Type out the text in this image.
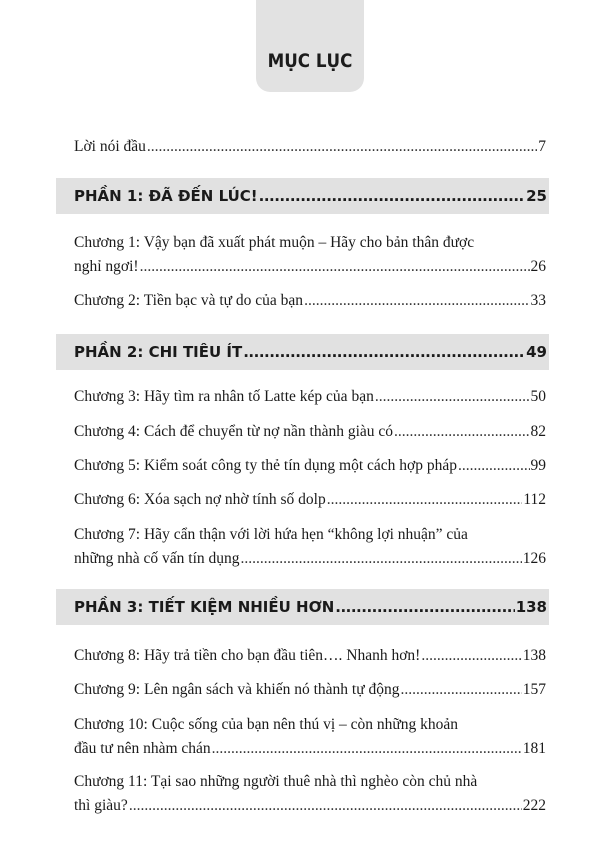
MỤC LỤC
Lời nói đầu .....	7
PHẦN 1: ĐÃ ĐẾN LÚC! .....	25
Chương 1: Vậy bạn đã xuất phát muộn – Hãy cho bản thân được
nghỉ ngơi! .....	26
Chương 2: Tiền bạc và tự do của bạn .....	33
PHẦN 2: CHI TIÊU ÍT .....	49
Chương 3: Hãy tìm ra nhân tố Latte kép của bạn .....	50
Chương 4: Cách để chuyển từ nợ nần thành giàu có .....	82
Chương 5: Kiểm soát công ty thẻ tín dụng một cách hợp pháp .....	99
Chương 6: Xóa sạch nợ nhờ tính số dolp .....	112
Chương 7: Hãy cẩn thận với lời hứa hẹn “không lợi nhuận” của
những nhà cố vấn tín dụng .....	126
PHẦN 3: TIẾT KIỆM NHIỀU HƠN .....	138
Chương 8: Hãy trả tiền cho bạn đầu tiên…. Nhanh hơn! .....	138
Chương 9: Lên ngân sách và khiến nó thành tự động .....	157
Chương 10: Cuộc sống của bạn nên thú vị – còn những khoản
đầu tư nên nhàm chán .....	181
Chương 11: Tại sao những người thuê nhà thì nghèo còn chủ nhà
thì giàu? .....	222
